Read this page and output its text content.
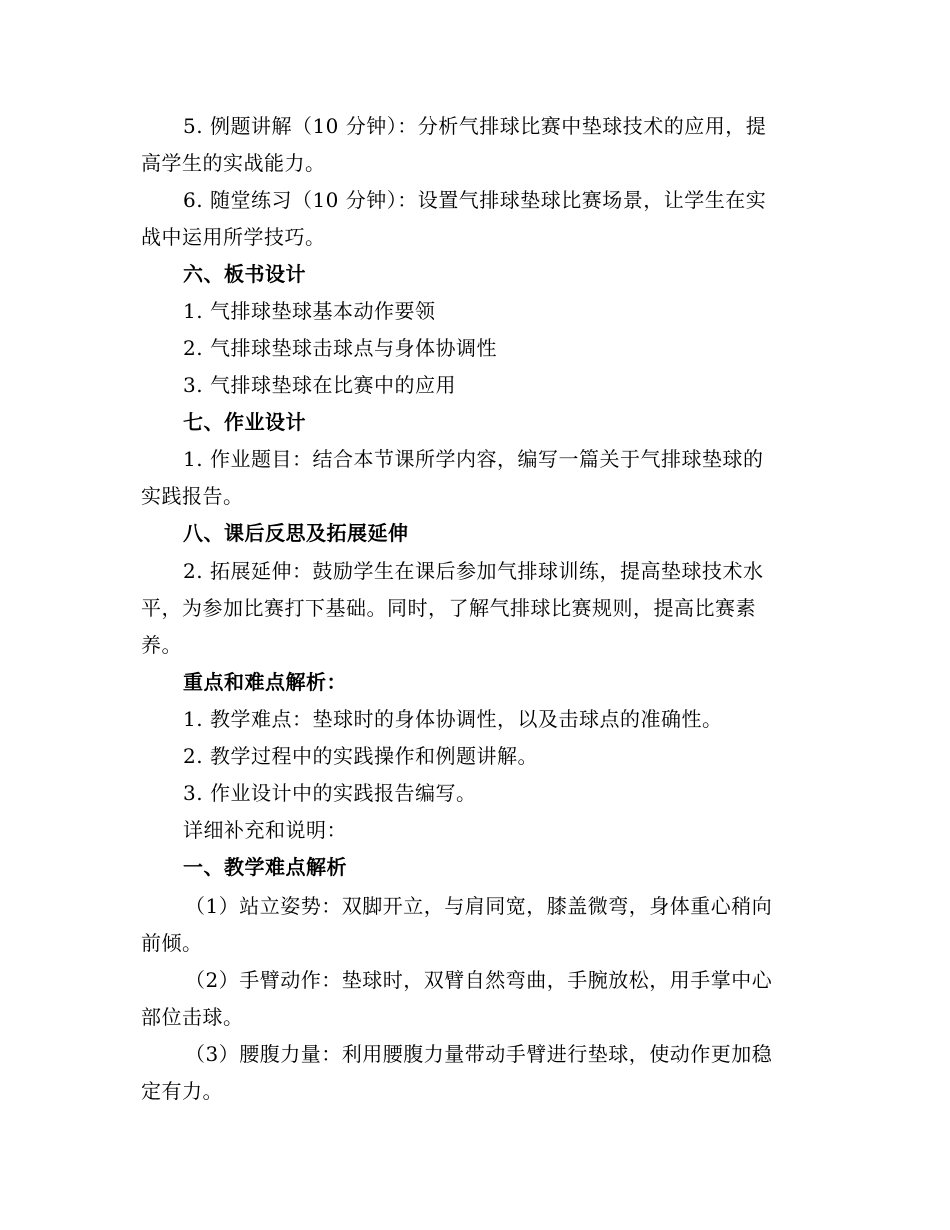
5. 例题讲解（10 分钟）：分析气排球比赛中垫球技术的应用，提
高学生的实战能力。
6. 随堂练习（10 分钟）：设置气排球垫球比赛场景，让学生在实
战中运用所学技巧。
六、板书设计
1. 气排球垫球基本动作要领
2. 气排球垫球击球点与身体协调性
3. 气排球垫球在比赛中的应用
七、作业设计
1. 作业题目：结合本节课所学内容，编写一篇关于气排球垫球的
实践报告。
八、课后反思及拓展延伸
2. 拓展延伸：鼓励学生在课后参加气排球训练，提高垫球技术水
平，为参加比赛打下基础。同时，了解气排球比赛规则，提高比赛素
养。
重点和难点解析：
1. 教学难点：垫球时的身体协调性，以及击球点的准确性。
2. 教学过程中的实践操作和例题讲解。
3. 作业设计中的实践报告编写。
详细补充和说明：
一、教学难点解析
（1）站立姿势：双脚开立，与肩同宽，膝盖微弯，身体重心稍向
前倾。
（2）手臂动作：垫球时，双臂自然弯曲，手腕放松，用手掌中心
部位击球。
（3）腰腹力量：利用腰腹力量带动手臂进行垫球，使动作更加稳
定有力。
